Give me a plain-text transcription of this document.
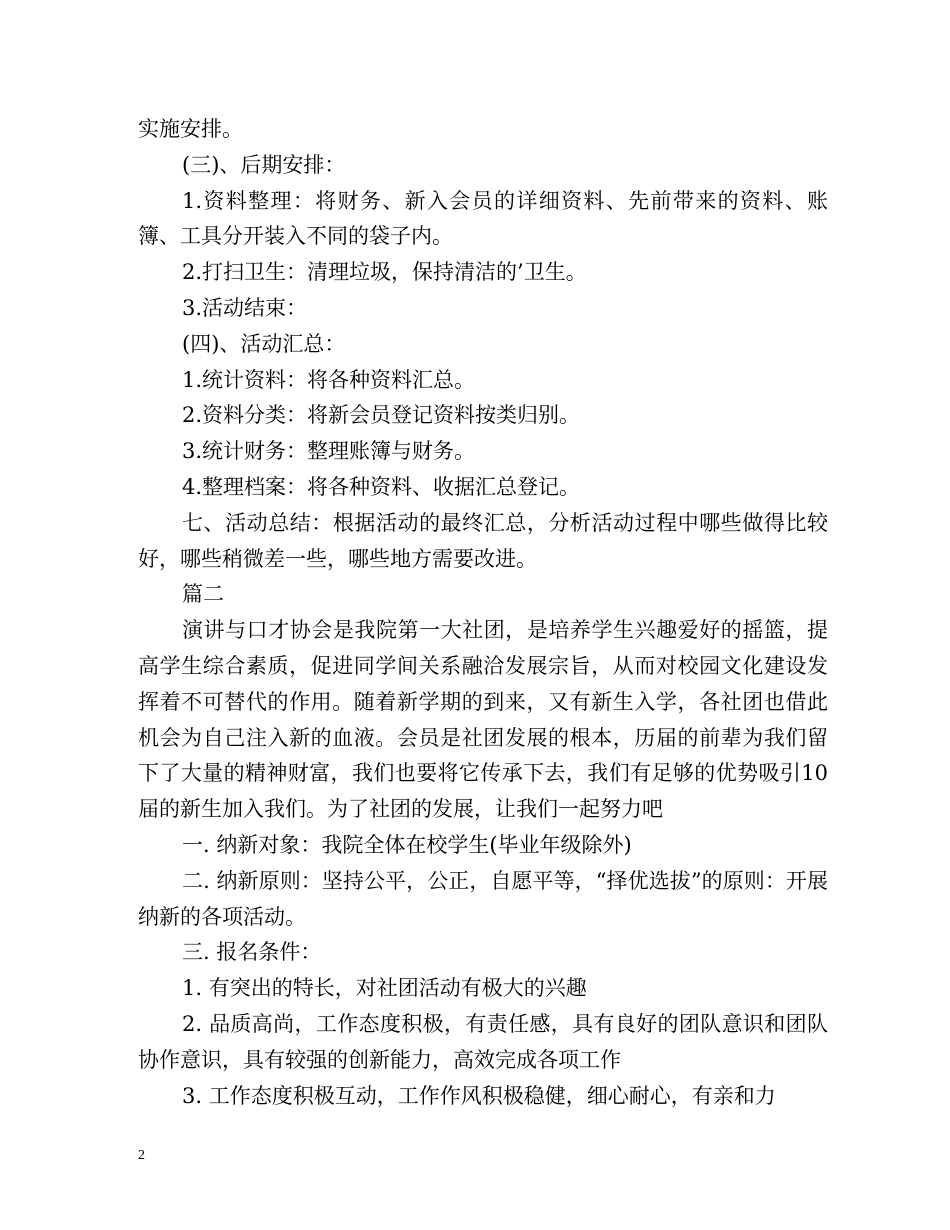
实施安排。

(三)、后期安排：

1.资料整理：将财务、新入会员的详细资料、先前带来的资料、账簿、工具分开装入不同的袋子内。

2.打扫卫生：清理垃圾，保持清洁的’卫生。

3.活动结束：

(四)、活动汇总：

1.统计资料：将各种资料汇总。

2.资料分类：将新会员登记资料按类归别。

3.统计财务：整理账簿与财务。

4.整理档案：将各种资料、收据汇总登记。

七、活动总结：根据活动的最终汇总，分析活动过程中哪些做得比较好，哪些稍微差一些，哪些地方需要改进。

篇二

演讲与口才协会是我院第一大社团，是培养学生兴趣爱好的摇篮，提高学生综合素质，促进同学间关系融洽发展宗旨，从而对校园文化建设发挥着不可替代的作用。随着新学期的到来，又有新生入学，各社团也借此机会为自己注入新的血液。会员是社团发展的根本，历届的前辈为我们留下了大量的精神财富，我们也要将它传承下去，我们有足够的优势吸引10届的新生加入我们。为了社团的发展，让我们一起努力吧

一. 纳新对象：我院全体在校学生(毕业年级除外)

二. 纳新原则：坚持公平，公正，自愿平等，“择优选拔”的原则：开展纳新的各项活动。

三. 报名条件：

1. 有突出的特长，对社团活动有极大的兴趣

2. 品质高尚，工作态度积极，有责任感，具有良好的团队意识和团队协作意识，具有较强的创新能力，高效完成各项工作

3. 工作态度积极互动，工作作风积极稳健，细心耐心，有亲和力

2
